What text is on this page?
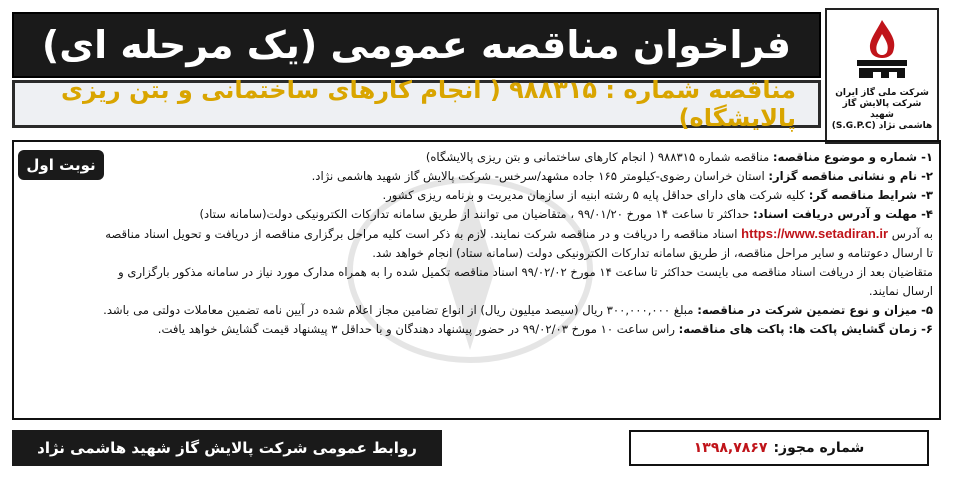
شرکت ملی گاز ایران
شرکت پالایش گاز شهید
هاشمی نژاد (S.G.P.C)
فراخوان مناقصه عمومی (یک مرحله ای)
مناقصه شماره : ۹۸۸۳۱۵ ( انجام کارهای ساختمانی و بتن ریزی پالایشگاه)
نوبت اول	۱- شماره و موضوع مناقصه: مناقصه شماره ۹۸۸۳۱۵ ( انجام کارهای ساختمانی و بتن ریزی پالایشگاه)
۲- نام و نشانی مناقصه گزار: استان خراسان رضوی-کیلومتر ۱۶۵ جاده مشهد/سرخس- شرکت پالایش گاز شهید هاشمی نژاد.
۳- شرایط مناقصه گر: کلیه شرکت های دارای حداقل پایه ۵ رشته ابنیه از سازمان مدیریت و برنامه ریزی کشور.
۴- مهلت و آدرس دریافت اسناد: حداکثر تا ساعت ۱۴ مورخ ۹۹/۰۱/۲۰ ، متقاضیان می توانند از طریق سامانه تدارکات الکترونیکی دولت(سامانه ستاد)
به آدرس https://www.setadiran.ir اسناد مناقصه را دریافت و در مناقصه شرکت نمایند. لازم به ذکر است کلیه مراحل برگزاری مناقصه از دریافت و تحویل اسناد مناقصه
تا ارسال دعوتنامه و سایر مراحل مناقصه، از طریق سامانه تدارکات الکترونیکی دولت (سامانه ستاد) انجام خواهد شد.
متقاضیان بعد از دریافت اسناد مناقصه می بایست حداکثر تا ساعت ۱۴ مورخ ۹۹/۰۲/۰۲ اسناد مناقصه تکمیل شده را به همراه مدارک مورد نیاز در سامانه مذکور بارگزاری و
ارسال نمایند.
۵- میزان و نوع تضمین شرکت در مناقصه: مبلغ ۳۰۰,۰۰۰,۰۰۰ ریال (سیصد میلیون ریال) از انواع تضامین مجاز اعلام شده در آیین نامه تضمین معاملات دولتی می باشد.
۶- زمان گشایش پاکت ها: پاکت های مناقصه: راس ساعت ۱۰ مورخ ۹۹/۰۲/۰۳ در حضور پیشنهاد دهندگان و با حداقل ۳ پیشنهاد قیمت گشایش خواهد یافت.
شماره مجوز:
۱۳۹۸,۷۸۶۷
روابط عمومی شرکت پالایش گاز شهید هاشمی نژاد
